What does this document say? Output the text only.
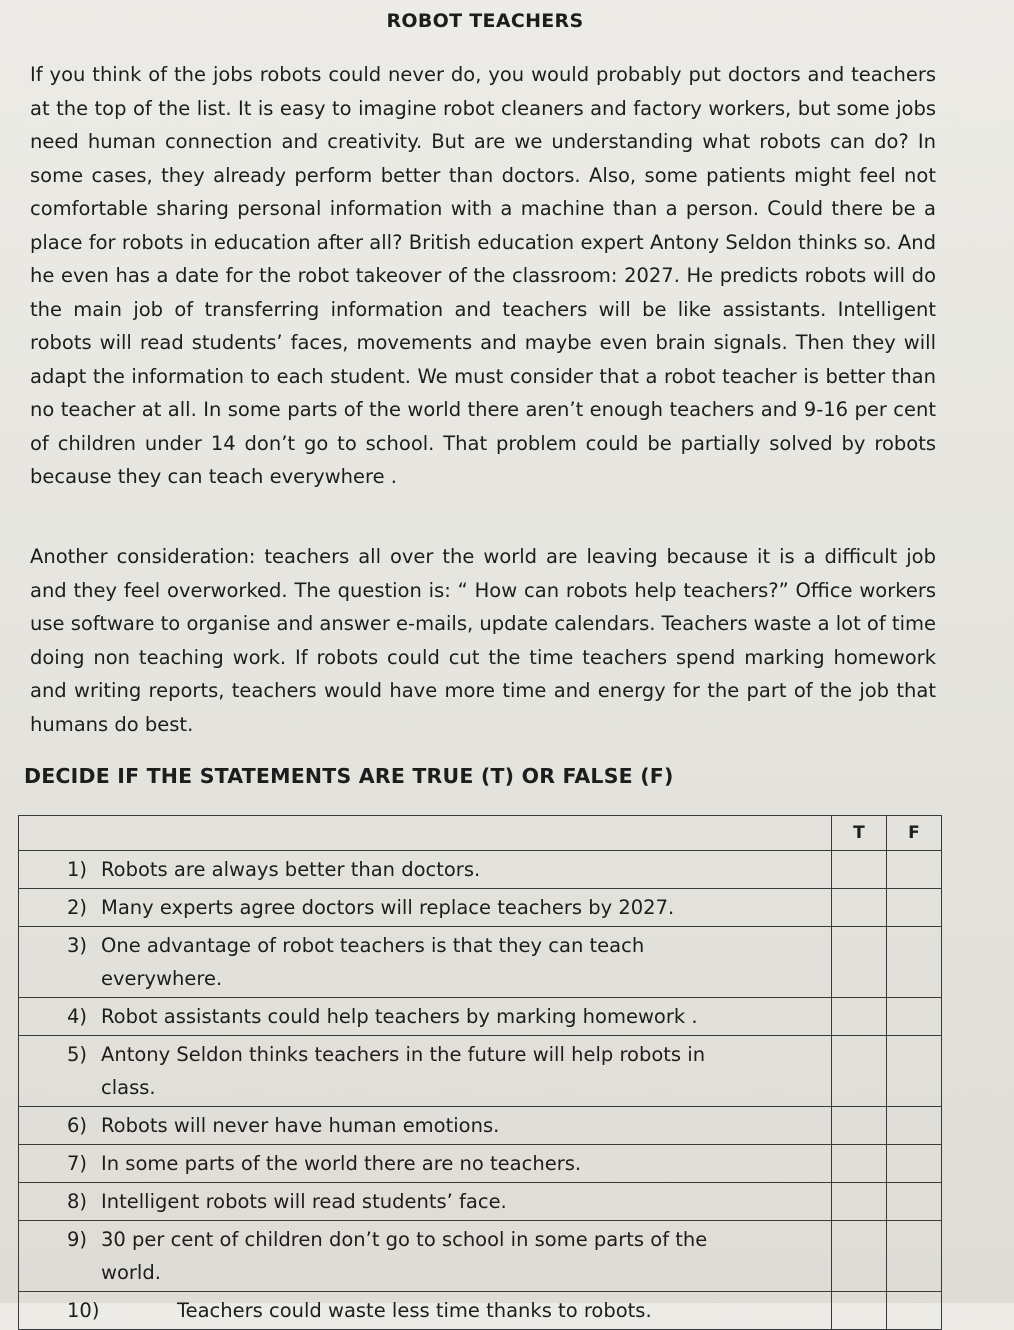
ROBOT TEACHERS
If you think of the jobs robots could never do, you would probably put doctors and teachers at the top of the list. It is easy to imagine robot cleaners and factory workers, but some jobs need human connection and creativity. But are we understanding what robots can do? In some cases, they already perform better than doctors. Also, some patients might feel not comfortable sharing personal information with a machine than a person. Could there be a place for robots in education after all? British education expert Antony Seldon thinks so. And he even has a date for the robot takeover of the classroom: 2027. He predicts robots will do the main job of transferring information and teachers will be like assistants. Intelligent robots will read students’ faces, movements and maybe even brain signals. Then they will adapt the information to each student. We must consider that a robot teacher is better than no teacher at all. In some parts of the world there aren’t enough teachers and 9-16 per cent of children under 14 don’t go to school. That problem could be partially solved by robots because they can teach everywhere .
Another consideration: teachers all over the world are leaving because it is a difficult job and they feel overworked. The question is: “ How can robots help teachers?” Office workers use software to organise and answer e-mails, update calendars. Teachers waste a lot of time doing non teaching work. If robots could cut the time teachers spend marking homework and writing reports, teachers would have more time and energy for the part of the job that humans do best.
DECIDE IF THE STATEMENTS ARE TRUE (T) OR FALSE (F)
	T	F
1) Robots are always better than doctors.		
2) Many experts agree doctors will replace teachers by 2027.		
3) One advantage of robot teachers is that they can teach
everywhere.		

4) Robot assistants could help teachers by marking homework .		
5) Antony Seldon thinks teachers in the future will help robots in
class.		

6) Robots will never have human emotions.		
7) In some parts of the world there are no teachers.		
8) Intelligent robots will read students’ face.		
9) 30 per cent of children don’t go to school in some parts of the
world.		

10) Teachers could waste less time thanks to robots.		
